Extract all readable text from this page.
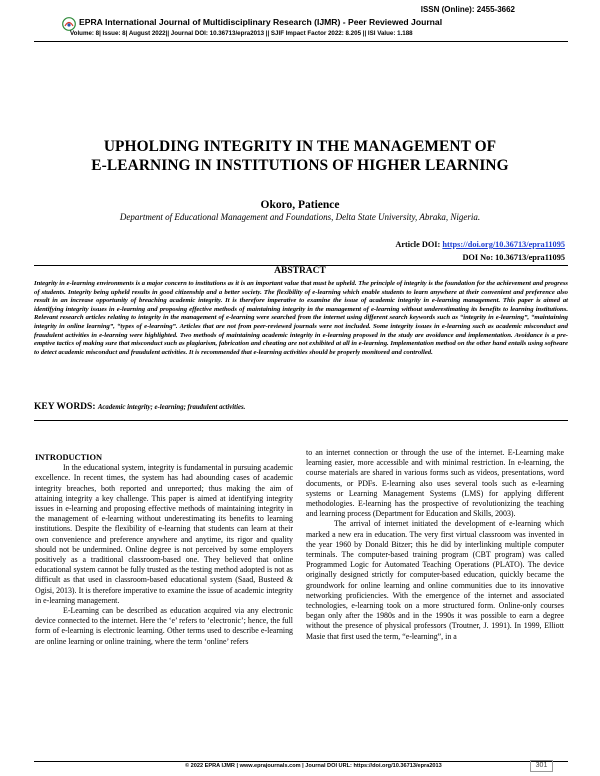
ISSN (Online): 2455-3662
EPRA International Journal of Multidisciplinary Research (IJMR) - Peer Reviewed Journal
Volume: 8| Issue: 8| August 2022|| Journal DOI: 10.36713/epra2013 || SJIF Impact Factor 2022: 8.205 || ISI Value: 1.188
UPHOLDING INTEGRITY IN THE MANAGEMENT OF
E-LEARNING IN INSTITUTIONS OF HIGHER LEARNING
Okoro, Patience
Department of Educational Management and Foundations, Delta State University, Abraka, Nigeria.
Article DOI: https://doi.org/10.36713/epra11095
DOI No: 10.36713/epra11095
ABSTRACT
Integrity in e-learning environments is a major concern to institutions as it is an important value that must be upheld. The principle of integrity is the foundation for the achievement and progress of students. Integrity being upheld results in good citizenship and a better society. The flexibility of e-learning which enable students to learn anywhere at their convenient and preference also result in an increase opportunity of breaching academic integrity. It is therefore imperative to examine the issue of academic integrity in e-learning management. This paper is aimed at identifying integrity issues in e-learning and proposing effective methods of maintaining integrity in the management of e-learning without underestimating its benefits to learning institutions. Relevant research articles relating to integrity in the management of e-learning were searched from the internet using different search keywords such as “integrity in e-learning”, “maintaining integrity in online learning”, “types of e-learning”. Articles that are not from peer-reviewed journals were not included. Some integrity issues in e-learning such as academic misconduct and fraudulent activities in e-learning were highlighted. Two methods of maintaining academic integrity in e-learning proposed in the study are avoidance and implementation. Avoidance is a pre-emptive tactics of making sure that misconduct such as plagiarism, fabrication and cheating are not exhibited at all in e-learning. Implementation method on the other hand entails using software to detect academic misconduct and fraudulent activities. It is recommended that e-learning activities should be properly monitored and controlled.
KEY WORDS: Academic integrity; e-learning; fraudulent activities.
INTRODUCTION

In the educational system, integrity is fundamental in pursuing academic excellence. In recent times, the system has had abounding cases of academic integrity breaches, both reported and unreported; thus making the aim of attaining integrity a key challenge. This paper is aimed at identifying integrity issues in e-learning and proposing effective methods of maintaining integrity in the management of e-learning without underestimating its benefits to learning institutions. Despite the flexibility of e-learning that students can learn at their own convenience and preference anywhere and anytime, its rigor and quality should not be undermined. Online degree is not perceived by some employers positively as a traditional classroom-based one. They believed that online educational system cannot be fully trusted as the testing method adopted is not as difficult as that used in classroom-based educational system (Saad, Busteed & Ogisi, 2013). It is therefore imperative to examine the issue of academic integrity in e-learning management.

E-Learning can be described as education acquired via any electronic device connected to the internet. Here the ‘e’ refers to ‘electronic’; hence, the full form of e-learning is electronic learning. Other terms used to describe e-learning are online learning or online training, where the term ‘online’ refers

to an internet connection or through the use of the internet. E-Learning make learning easier, more accessible and with minimal restriction. In e-learning, the course materials are shared in various forms such as videos, presentations, word documents, or PDFs. E-learning also uses several tools such as e-learning systems or Learning Management Systems (LMS) for applying different methodologies. E-learning has the prospective of revolutionizing the teaching and learning process (Department for Education and Skills, 2003).

The arrival of internet initiated the development of e-learning which marked a new era in education. The very first virtual classroom was invented in the year 1960 by Donald Bitzer; this he did by interlinking multiple computer terminals. The computer-based training program (CBT program) was called Programmed Logic for Automated Teaching Operations (PLATO). The device originally designed strictly for computer-based education, quickly became the groundwork for online learning and online communities due to its innovative networking proficiencies. With the emergence of the internet and associated technologies, e-learning took on a more structured form. Online-only courses began only after the 1980s and in the 1990s it was possible to earn a degree without the presence of physical professors (Troutner, J. 1991). In 1999, Elliott Masie that first used the term, “e-learning”, in a

© 2022 EPRA IJMR | www.eprajournals.com | Journal DOI URL: https://doi.org/10.36713/epra2013	301
